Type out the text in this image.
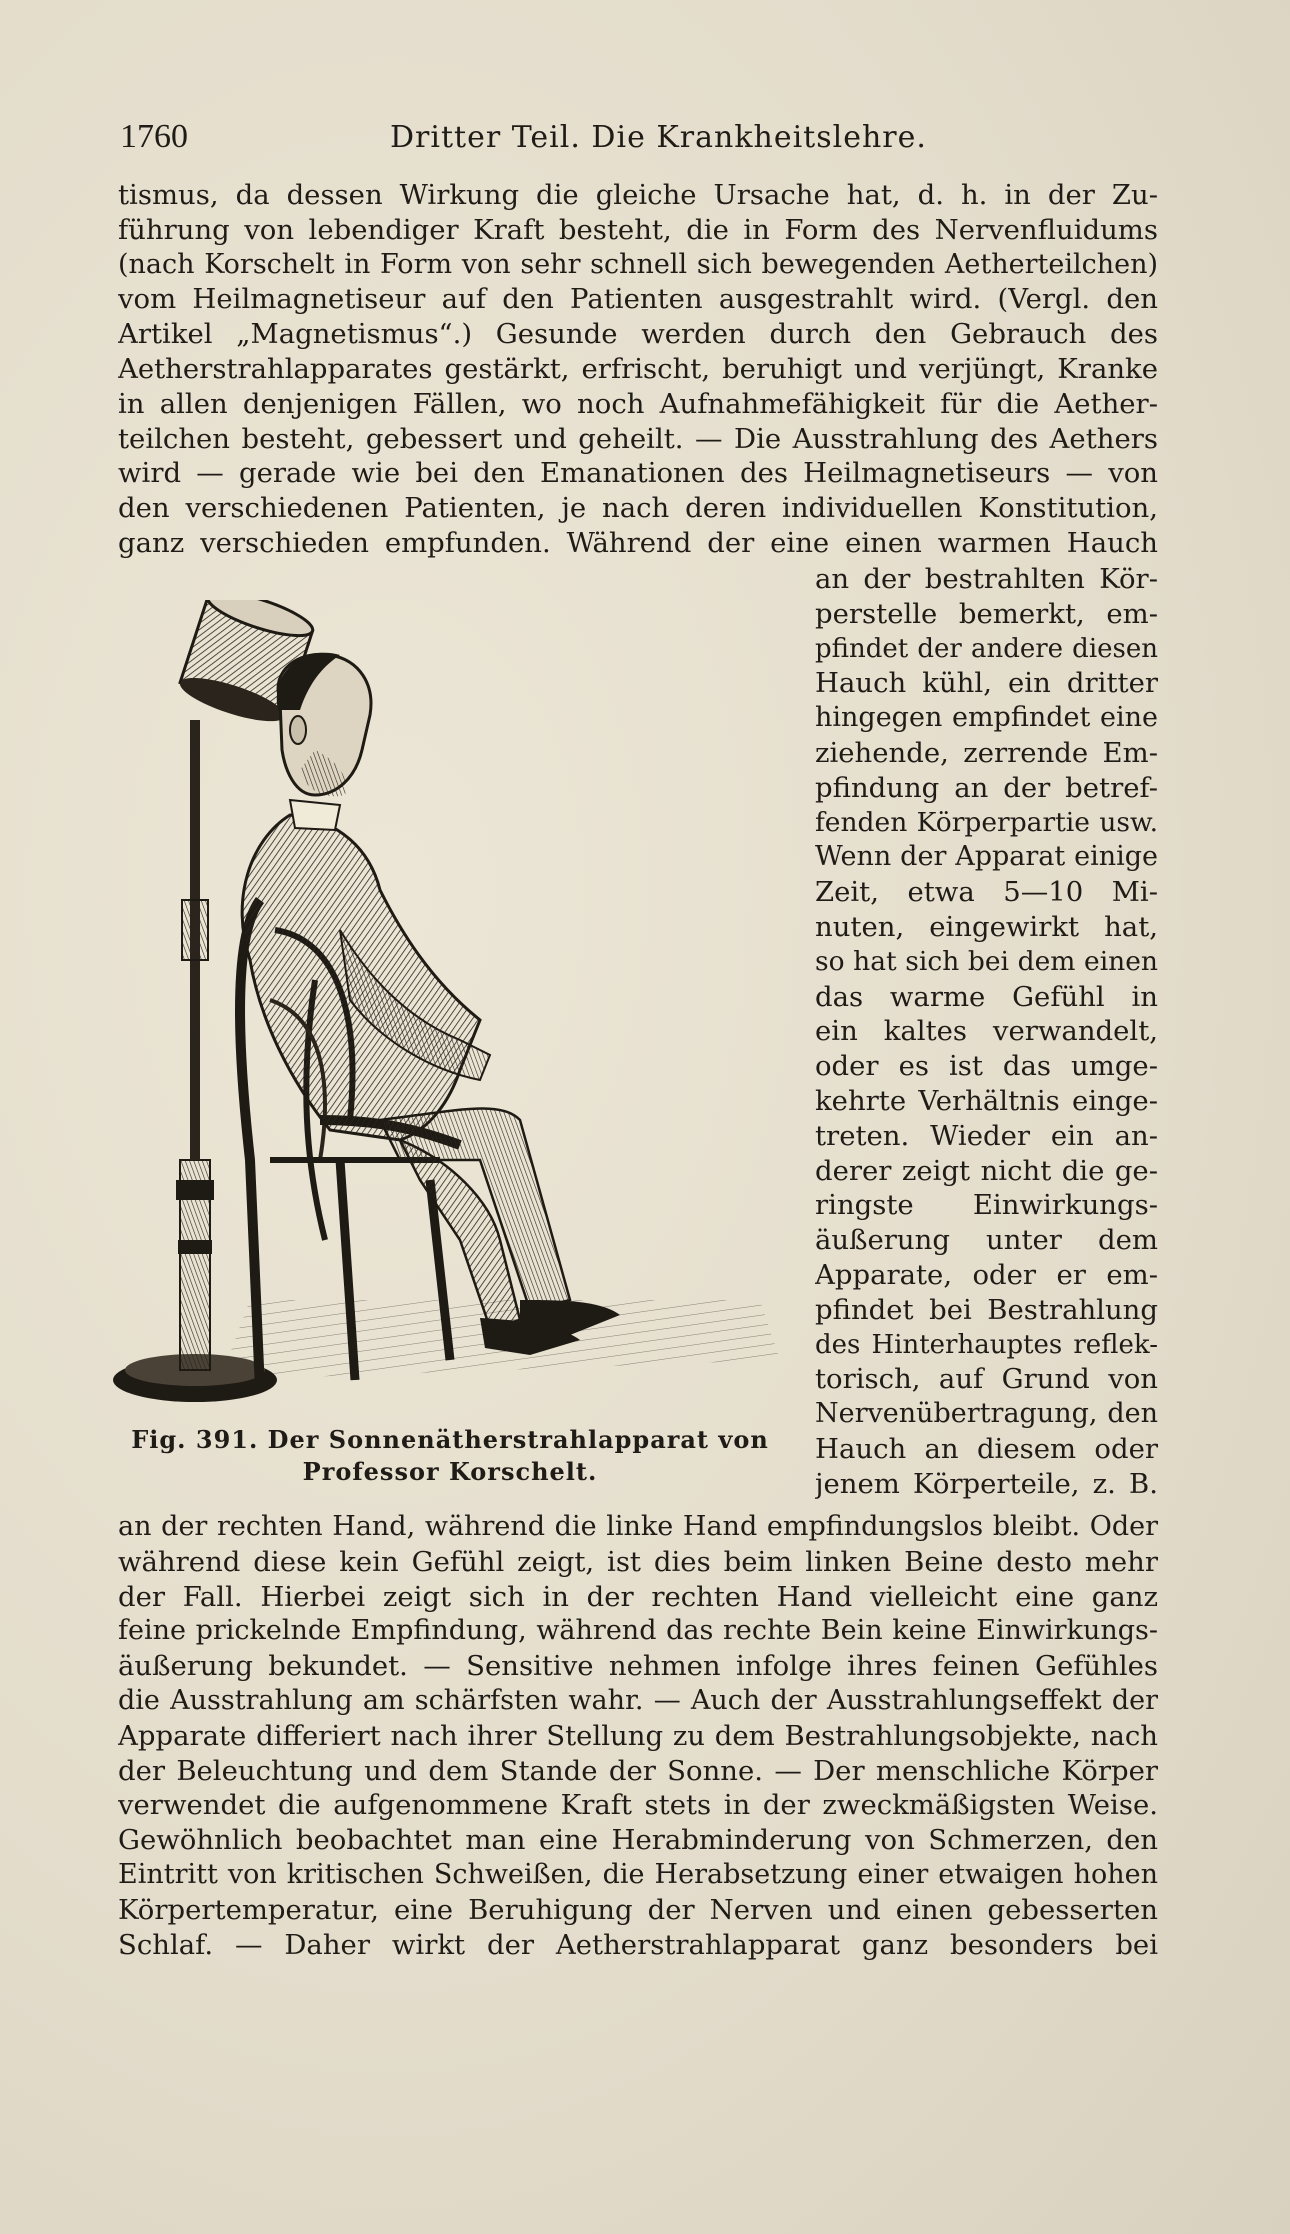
1760	Dritter Teil. Die Krankheitslehre.
tismus, da dessen Wirkung die gleiche Ursache hat, d. h. in der Zu-
führung von lebendiger Kraft besteht, die in Form des Nervenfluidums
(nach Korschelt in Form von sehr schnell sich bewegenden Aetherteilchen)
vom Heilmagnetiseur auf den Patienten ausgestrahlt wird. (Vergl. den
Artikel „Magnetismus“.) Gesunde werden durch den Gebrauch des
Aetherstrahlapparates gestärkt, erfrischt, beruhigt und verjüngt, Kranke
in allen denjenigen Fällen, wo noch Aufnahmefähigkeit für die Aether-
teilchen besteht, gebessert und geheilt. — Die Ausstrahlung des Aethers
wird — gerade wie bei den Emanationen des Heilmagnetiseurs — von
den verschiedenen Patienten, je nach deren individuellen Konstitution,
ganz verschieden empfunden. Während der eine einen warmen Hauch
Fig. 391. Der Sonnenätherstrahlapparat von
Professor Korschelt.
an der bestrahlten Kör-
perstelle bemerkt, em-
pfindet der andere diesen
Hauch kühl, ein dritter
hingegen empfindet eine
ziehende, zerrende Em-
pfindung an der betref-
fenden Körperpartie usw.
Wenn der Apparat einige
Zeit, etwa 5—10 Mi-
nuten, eingewirkt hat,
so hat sich bei dem einen
das warme Gefühl in
ein kaltes verwandelt,
oder es ist das umge-
kehrte Verhältnis einge-
treten. Wieder ein an-
derer zeigt nicht die ge-
ringste Einwirkungs-
äußerung unter dem
Apparate, oder er em-
pfindet bei Bestrahlung
des Hinterhauptes reflek-
torisch, auf Grund von
Nervenübertragung, den
Hauch an diesem oder
jenem Körperteile, z. B.
an der rechten Hand, während die linke Hand empfindungslos bleibt. Oder
während diese kein Gefühl zeigt, ist dies beim linken Beine desto mehr
der Fall. Hierbei zeigt sich in der rechten Hand vielleicht eine ganz
feine prickelnde Empfindung, während das rechte Bein keine Einwirkungs-
äußerung bekundet. — Sensitive nehmen infolge ihres feinen Gefühles
die Ausstrahlung am schärfsten wahr. — Auch der Ausstrahlungseffekt der
Apparate differiert nach ihrer Stellung zu dem Bestrahlungsobjekte, nach
der Beleuchtung und dem Stande der Sonne. — Der menschliche Körper
verwendet die aufgenommene Kraft stets in der zweckmäßigsten Weise.
Gewöhnlich beobachtet man eine Herabminderung von Schmerzen, den
Eintritt von kritischen Schweißen, die Herabsetzung einer etwaigen hohen
Körpertemperatur, eine Beruhigung der Nerven und einen gebesserten
Schlaf. — Daher wirkt der Aetherstrahlapparat ganz besonders bei
